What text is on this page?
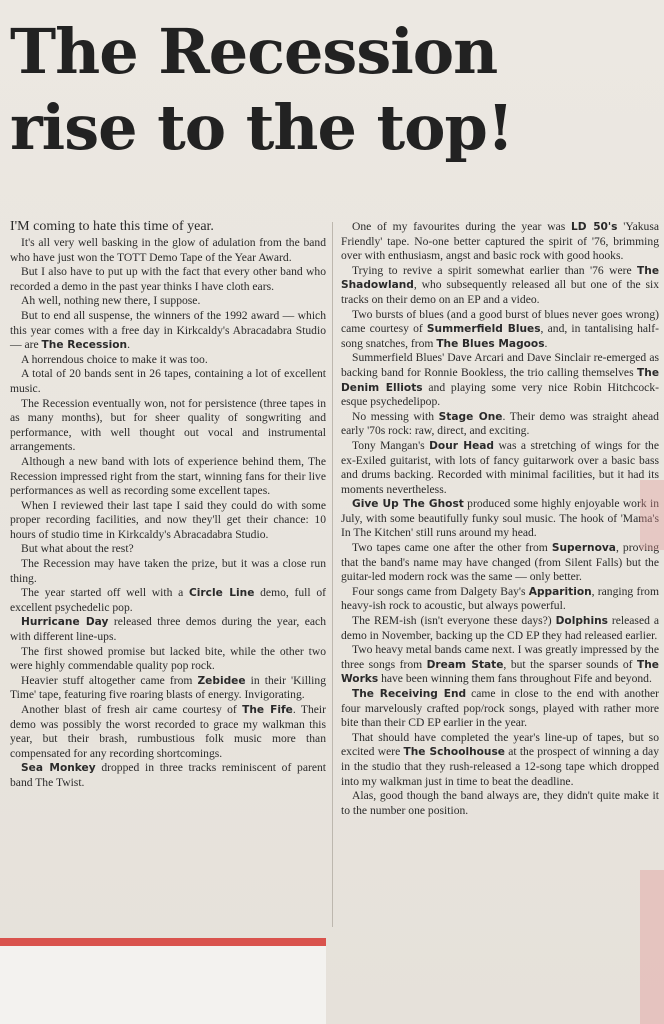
The Recession
rise to the top!

I'M coming to hate this time of year.

It's all very well basking in the glow of adulation from the band who have just won the TOTT Demo Tape of the Year Award.

But I also have to put up with the fact that every other band who recorded a demo in the past year thinks I have cloth ears.

Ah well, nothing new there, I suppose.

But to end all suspense, the winners of the 1992 award — which this year comes with a free day in Kirkcaldy's Abracadabra Studio — are The Recession.

A horrendous choice to make it was too.

A total of 20 bands sent in 26 tapes, containing a lot of excellent music.

The Recession eventually won, not for persistence (three tapes in as many months), but for sheer quality of songwriting and performance, with well thought out vocal and instrumental arrangements.

Although a new band with lots of experience behind them, The Recession impressed right from the start, winning fans for their live performances as well as recording some excellent tapes.

When I reviewed their last tape I said they could do with some proper recording facilities, and now they'll get their chance: 10 hours of studio time in Kirkcaldy's Abracadabra Studio.

But what about the rest?

The Recession may have taken the prize, but it was a close run thing.

The year started off well with a Circle Line demo, full of excellent psychedelic pop.

Hurricane Day released three demos during the year, each with different line-ups.

The first showed promise but lacked bite, while the other two were highly commendable quality pop rock.

Heavier stuff altogether came from Zebidee in their 'Killing Time' tape, featuring five roaring blasts of energy. Invigorating.

Another blast of fresh air came courtesy of The Fife. Their demo was possibly the worst recorded to grace my walkman this year, but their brash, rumbustious folk music more than compensated for any recording shortcomings.

Sea Monkey dropped in three tracks reminiscent of parent band The Twist.

One of my favourites during the year was LD 50's 'Yakusa Friendly' tape. No-one better captured the spirit of '76, brimming over with enthusiasm, angst and basic rock with good hooks.

Trying to revive a spirit somewhat earlier than '76 were The Shadowland, who subsequently released all but one of the six tracks on their demo on an EP and a video.

Two bursts of blues (and a good burst of blues never goes wrong) came courtesy of Summerfield Blues, and, in tantalising half-song snatches, from The Blues Magoos.

Summerfield Blues' Dave Arcari and Dave Sinclair re-emerged as backing band for Ronnie Bookless, the trio calling themselves The Denim Elliots and playing some very nice Robin Hitchcock-esque psychedelipop.

No messing with Stage One. Their demo was straight ahead early '70s rock: raw, direct, and exciting.

Tony Mangan's Dour Head was a stretching of wings for the ex-Exiled guitarist, with lots of fancy guitarwork over a basic bass and drums backing. Recorded with minimal facilities, but it had its moments nevertheless.

Give Up The Ghost produced some highly enjoyable work in July, with some beautifully funky soul music. The hook of 'Mama's In The Kitchen' still runs around my head.

Two tapes came one after the other from Supernova, proving that the band's name may have changed (from Silent Falls) but the guitar-led modern rock was the same — only better.

Four songs came from Dalgety Bay's Apparition, ranging from heavy-ish rock to acoustic, but always powerful.

The REM-ish (isn't everyone these days?) Dolphins released a demo in November, backing up the CD EP they had released earlier.

Two heavy metal bands came next. I was greatly impressed by the three songs from Dream State, but the sparser sounds of The Works have been winning them fans throughout Fife and beyond.

The Receiving End came in close to the end with another four marvelously crafted pop/rock songs, played with rather more bite than their CD EP earlier in the year.

That should have completed the year's line-up of tapes, but so excited were The Schoolhouse at the prospect of winning a day in the studio that they rush-released a 12-song tape which dropped into my walkman just in time to beat the deadline.

Alas, good though the band always are, they didn't quite make it to the number one position.
